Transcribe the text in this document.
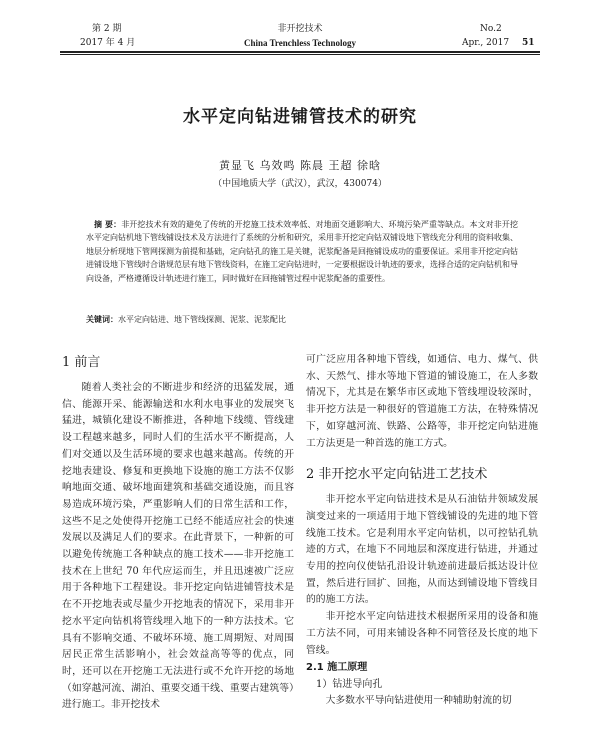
第 2 期
2017 年 4 月
非开挖技术
China Trenchless Technology
No.2
Apr., 2017 51
水平定向钻进铺管技术的研究
黄显飞 乌效鸣 陈晨 王超 徐晗
（中国地质大学（武汉），武汉，430074）

摘 要：非开挖技术有效的避免了传统的开挖施工技术效率低、对地面交通影响大、环境污染严重等缺点。本文对非开挖水平定向钻机地下管线铺设技术及方法进行了系统的分析和研究，采用非开挖定向钻双铺设地下管线充分利用的资料收集、地层分析现地下管网探测为前提和基础，定向钻孔的施工是关键，泥浆配备是回拖铺设成功的重要保证。采用非开挖定向钻进铺设地下管线时合谐规范层有地下管线资料，在施工定向钻进时，一定要根据设计轨迹的要求，选择合适的定向钻机和导向设备，严格遵循设计轨迹进行施工，同时做好在回拖铺管过程中泥浆配备的重要性。

关键词：水平定向钻进、地下管线探测、泥浆、泥浆配比

1 前言

随着人类社会的不断进步和经济的迅猛发展，通信、能源开采、能源输送和水利水电事业的发展突飞猛进，城镇化建设不断推进，各种地下线缆、管线建设工程越来越多，同时人们的生活水平不断提高，人们对交通以及生活环境的要求也越来越高。传统的开挖地表建设、修复和更换地下设施的施工方法不仅影响地面交通、破坏地面建筑和基础交通设施，而且容易造成环境污染，严重影响人们的日常生活和工作，这些不足之处使得开挖施工已经不能适应社会的快速发展以及满足人们的要求。在此背景下，一种新的可以避免传统施工各种缺点的施工技术——非开挖施工技术在上世纪 70 年代应运而生，并且迅速被广泛应用于各种地下工程建设。非开挖定向钻进铺管技术是在不开挖地表或尽量少开挖地表的情况下，采用非开挖水平定向钻机将管线埋入地下的一种方法技术。它具有不影响交通、不破坏环境、施工周期短、对周围居民正常生活影响小，社会效益高等等的优点，同时，还可以在开挖施工无法进行或不允许开挖的场地（如穿越河流、湖泊、重要交通干线、重要古建筑等）进行施工。非开挖技术

可广泛应用各种地下管线，如通信、电力、煤气、供水、天然气、排水等地下管道的铺设施工，在人多数情况下，尤其是在繁华市区或地下管线埋设较深时，非开挖方法是一种很好的管道施工方法，在特殊情况下，如穿越河流、铁路、公路等，非开挖定向钻进施工方法更是一种首选的施工方式。

2 非开挖水平定向钻进工艺技术

非开挖水平定向钻进技术是从石油钻井领域发展演变过来的一项适用于地下管线铺设的先进的地下管线施工技术。它是利用水平定向钻机，以可控钻孔轨迹的方式，在地下不同地层和深度进行钻进，并通过专用的控向仪使钻孔沿设计轨迹前进最后抵达设计位置，然后进行回扩、回拖，从而达到铺设地下管线目的的施工方法。

非开挖水平定向钻进技术根据所采用的设备和施工方法不同，可用来铺设各种不同管径及长度的地下管线。

2.1 施工原理
1）钻进导向孔

大多数水平导向钻进使用一种辅助射流的切
